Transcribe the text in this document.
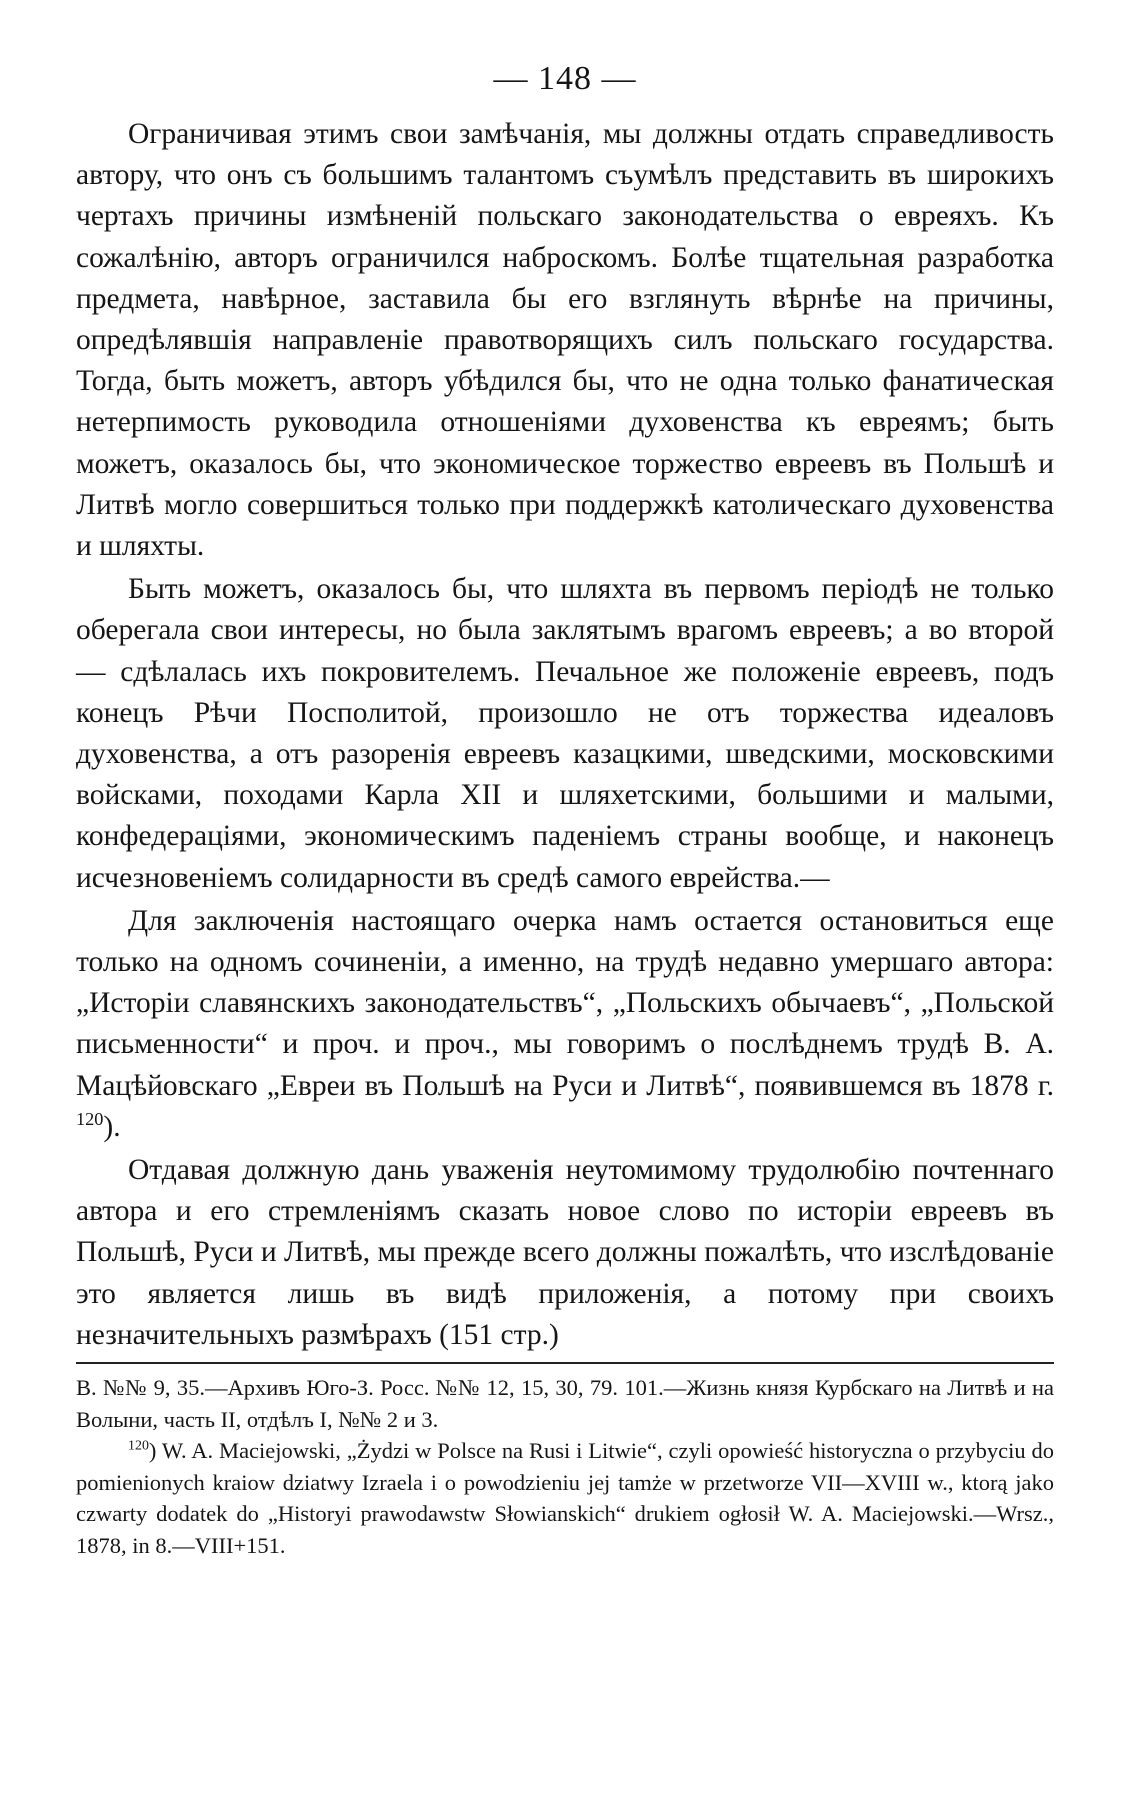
— 148 —

Ограничивая этимъ свои замѣчанія, мы должны отдать справедливость автору, что онъ съ большимъ талантомъ съумѣлъ представить въ широкихъ чертахъ причины измѣненій польскаго законодательства о евреяхъ. Къ сожалѣнію, авторъ ограничился наброскомъ. Болѣе тщательная разработка предмета, навѣрное, заставила бы его взглянуть вѣрнѣе на причины, опредѣлявшія направленіе правотворящихъ силъ польскаго государства. Тогда, быть можетъ, авторъ убѣдился бы, что не одна только фанатическая нетерпимость руководила отношеніями духовенства къ евреямъ; быть можетъ, оказалось бы, что экономическое торжество евреевъ въ Польшѣ и Литвѣ могло совершиться только при поддержкѣ католическаго духовенства и шляхты.

Быть можетъ, оказалось бы, что шляхта въ первомъ періодѣ не только оберегала свои интересы, но была заклятымъ врагомъ евреевъ; а во второй — сдѣлалась ихъ покровителемъ. Печальное же положеніе евреевъ, подъ конецъ Рѣчи Посполитой, произошло не отъ торжества идеаловъ духовенства, а отъ разоренія евреевъ казацкими, шведскими, московскими войсками, походами Карла XII и шляхетскими, большими и малыми, конфедераціями, экономическимъ паденіемъ страны вообще, и наконецъ исчезновеніемъ солидарности въ средѣ самого еврейства.—

Для заключенія настоящаго очерка намъ остается остановиться еще только на одномъ сочиненіи, а именно, на трудѣ недавно умершаго автора: „Исторіи славянскихъ законодательствъ“, „Польскихъ обычаевъ“, „Польской письменности“ и проч. и проч., мы говоримъ о послѣднемъ трудѣ В. А. Мацѣйовскаго „Евреи въ Польшѣ на Руси и Литвѣ“, появившемся въ 1878 г. $^{120}$).

Отдавая должную дань уваженія неутомимому трудолюбію почтеннаго автора и его стремленіямъ сказать новое слово по исторіи евреевъ въ Польшѣ, Руси и Литвѣ, мы прежде всего должны пожалѣть, что изслѣдованіе это является лишь въ видѣ приложенія, а потому при своихъ незначительныхъ размѣрахъ (151 стр.)

В. №№ 9, 35.—Архивъ Юго-З. Росс. №№ 12, 15, 30, 79. 101.—Жизнь князя Курбскаго на Литвѣ и на Волыни, часть II, отдѣлъ I, №№ 2 и 3.

$^{120}$) W. A. Maciejowski, „Żydzi w Polsce na Rusi i Litwie“, czyli opowieść historyczna o przybyciu do pomienionych kraiow dziatwy Izraela i o powodzieniu jej tamże w przetworze VII—XVIII w., ktorą jako czwarty dodatek do „Historyi prawodawstw Słowianskich“ drukiem ogłosił W. A. Maciejowski.—Wrsz., 1878, in 8.—VIII+151.
